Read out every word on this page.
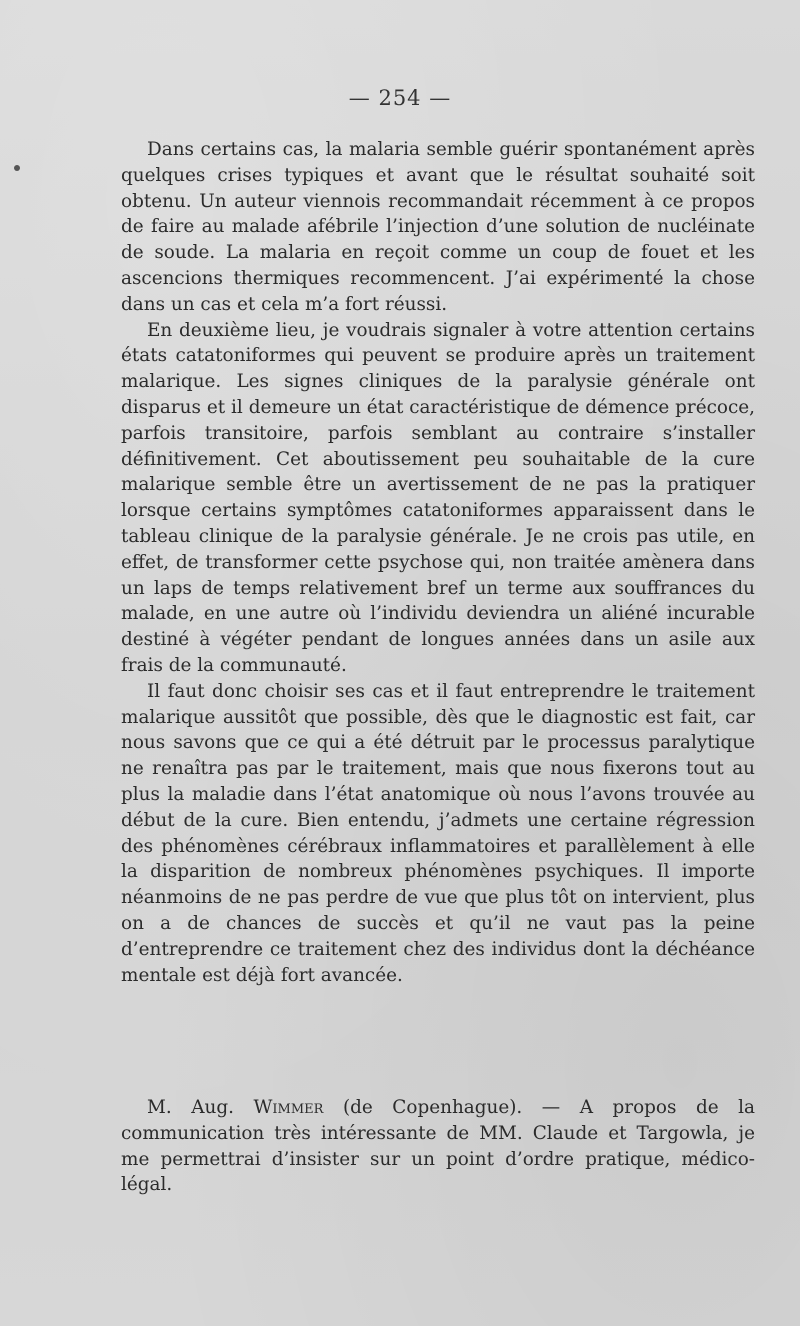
— 254 —

Dans certains cas, la malaria semble guérir spontanément après quelques crises typiques et avant que le résultat souhaité soit obtenu. Un auteur viennois recommandait récemment à ce propos de faire au malade afébrile l’injection d’une solution de nucléinate de soude. La malaria en reçoit comme un coup de fouet et les ascencions thermiques recommencent. J’ai expérimenté la chose dans un cas et cela m’a fort réussi.

En deuxième lieu, je voudrais signaler à votre attention certains états catatoniformes qui peuvent se produire après un traitement malarique. Les signes cliniques de la paralysie générale ont disparus et il demeure un état caractéristique de démence précoce, parfois transitoire, parfois semblant au contraire s’installer définitivement. Cet aboutissement peu souhaitable de la cure malarique semble être un avertissement de ne pas la pratiquer lorsque certains symptômes catatoniformes apparaissent dans le tableau clinique de la paralysie générale. Je ne crois pas utile, en effet, de transformer cette psychose qui, non traitée amènera dans un laps de temps relativement bref un terme aux souffrances du malade, en une autre où l’individu deviendra un aliéné incurable destiné à végéter pendant de longues années dans un asile aux frais de la communauté.

Il faut donc choisir ses cas et il faut entreprendre le traitement malarique aussitôt que possible, dès que le diagnostic est fait, car nous savons que ce qui a été détruit par le processus paralytique ne renaîtra pas par le traitement, mais que nous fixerons tout au plus la maladie dans l’état anatomique où nous l’avons trouvée au début de la cure. Bien entendu, j’admets une certaine régression des phénomènes cérébraux inflammatoires et parallèlement à elle la disparition de nombreux phénomènes psychiques. Il importe néanmoins de ne pas perdre de vue que plus tôt on intervient, plus on a de chances de succès et qu’il ne vaut pas la peine d’entreprendre ce traitement chez des individus dont la déchéance mentale est déjà fort avancée.

M. Aug. Wimmer (de Copenhague). — A propos de la communication très intéressante de MM. Claude et Targowla, je me permettrai d’insister sur un point d’ordre pratique, médico-légal.
